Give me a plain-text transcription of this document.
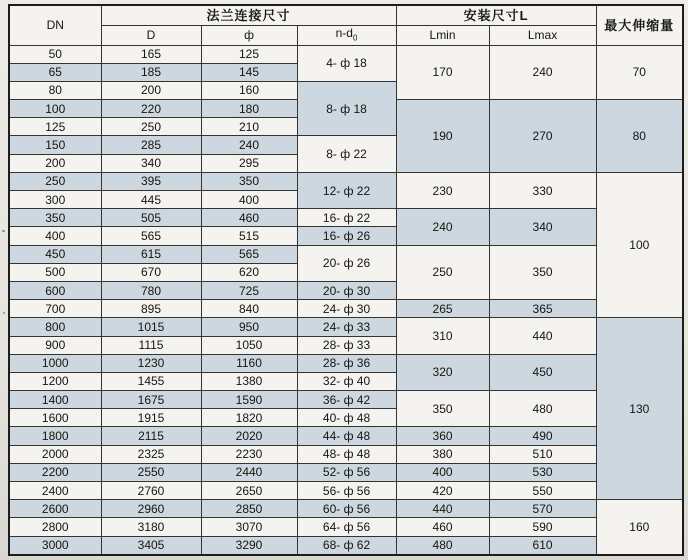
DN	法兰连接尺寸			安装尺寸L		最大伸缩量
	D	ф	$n-d_0$	Lmin	Lmax	
50	165	125	4- ф 18	170	240	70
65	185	145				
80	200	160	8- ф 18			
100	220	180		190	270	80
125	250	210				
150	285	240	8- ф 22			
200	340	295				
250	395	350	12- ф 22	230	330	100
300	445	400				
350	505	460	16- ф 22	240	340	
400	565	515	16- ф 26			
450	615	565	20- ф 26	250	350	
500	670	620				
600	780	725	20- ф 30			
700	895	840	24- ф 30	265	365	
800	1015	950	24- ф 33	310	440	130
900	1115	1050	28- ф 33			
1000	1230	1160	28- ф 36	320	450	
1200	1455	1380	32- ф 40			
1400	1675	1590	36- ф 42	350	480	
1600	1915	1820	40- ф 48			
1800	2115	2020	44- ф 48	360	490	
2000	2325	2230	48- ф 48	380	510	
2200	2550	2440	52- ф 56	400	530	
2400	2760	2650	56- ф 56	420	550	
2600	2960	2850	60- ф 56	440	570	160
2800	3180	3070	64- ф 56	460	590	
3000	3405	3290	68- ф 62	480	610	
